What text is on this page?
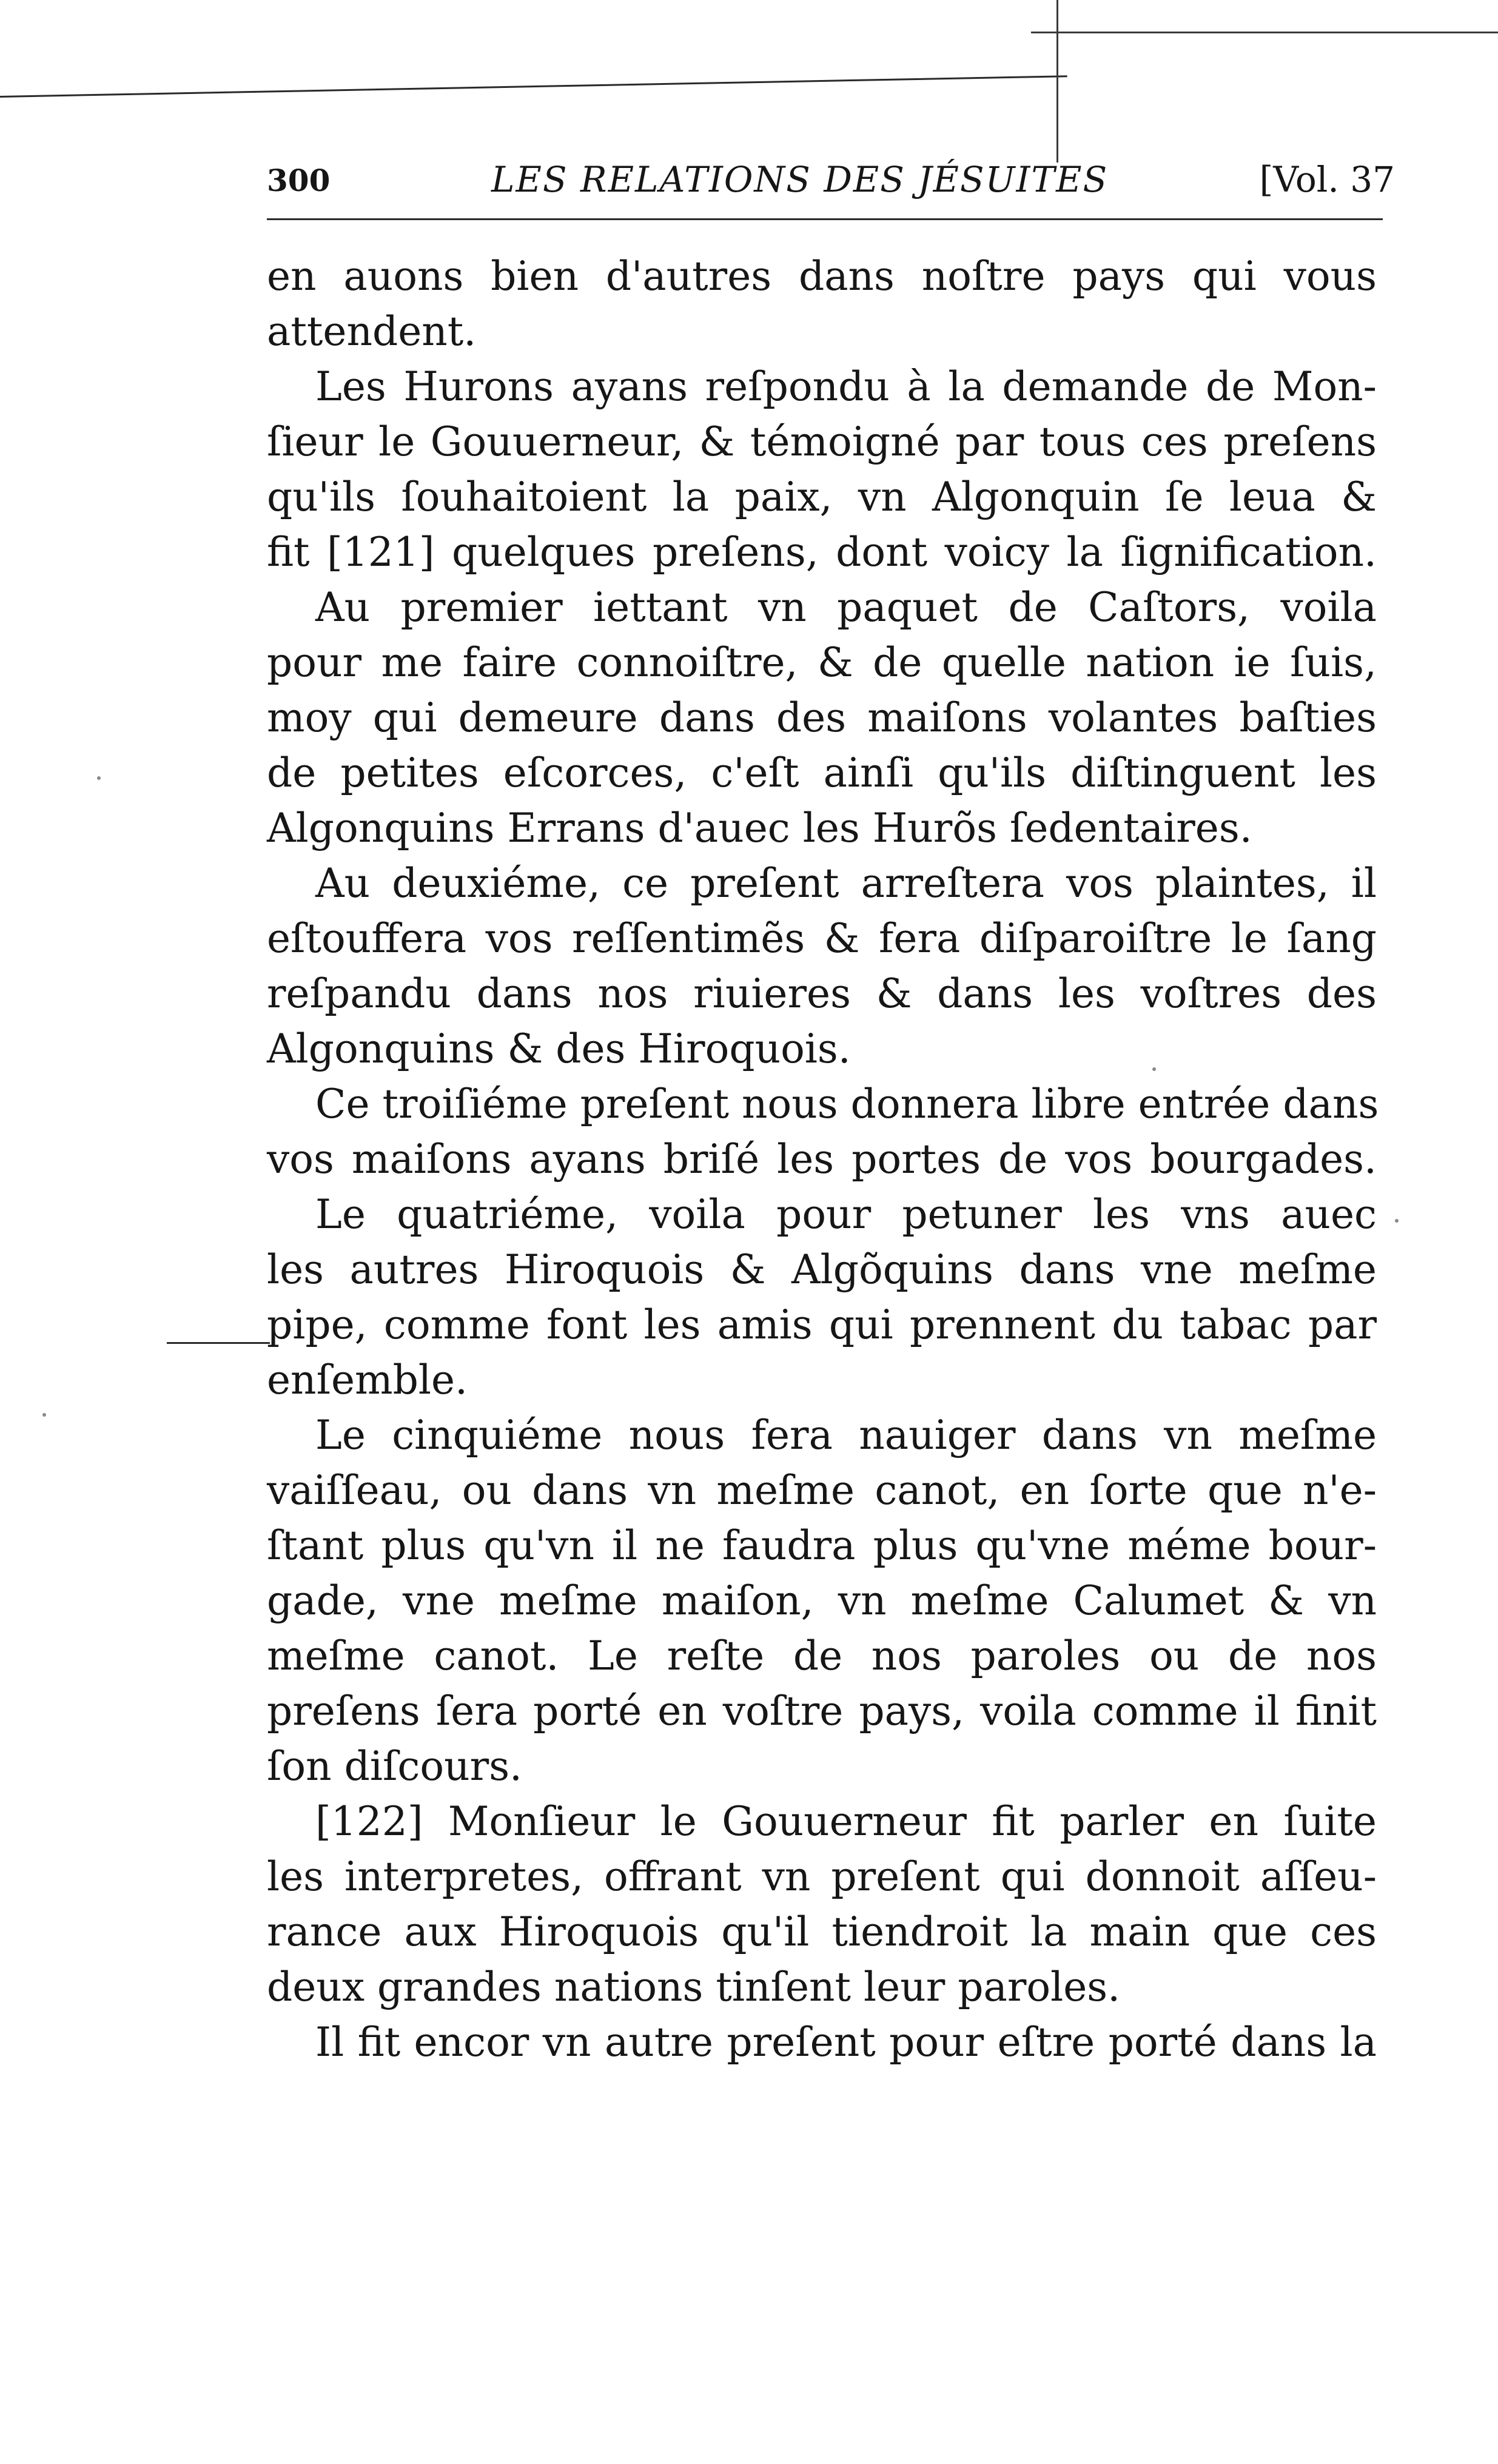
300	LES RELATIONS DES JÉSUITES	[Vol. 37
en auons bien d'autres dans noſtre pays qui vous
attendent.
Les Hurons ayans reſpondu à la demande de Mon-
ſieur le Gouuerneur, & témoigné par tous ces preſens
qu'ils ſouhaitoient la paix, vn Algonquin ſe leua &
fit [121] quelques preſens, dont voicy la ſignification.
Au premier iettant vn paquet de Caſtors, voila
pour me faire connoiſtre, & de quelle nation ie ſuis,
moy qui demeure dans des maiſons volantes baſties
de petites eſcorces, c'eſt ainſi qu'ils diſtinguent les
Algonquins Errans d'auec les Hurõs ſedentaires.
Au deuxiéme, ce preſent arreſtera vos plaintes, il
eſtouffera vos reſſentimẽs & fera diſparoiſtre le ſang
reſpandu dans nos riuieres & dans les voſtres des
Algonquins & des Hiroquois.
Ce troiſiéme preſent nous donnera libre entrée dans
vos maiſons ayans briſé les portes de vos bourgades.
Le quatriéme, voila pour petuner les vns auec
les autres Hiroquois & Algõquins dans vne meſme
pipe, comme font les amis qui prennent du tabac par
enſemble.
Le cinquiéme nous fera nauiger dans vn meſme
vaiſſeau, ou dans vn meſme canot, en ſorte que n'e-
ſtant plus qu'vn il ne faudra plus qu'vne méme bour-
gade, vne meſme maiſon, vn meſme Calumet & vn
meſme canot. Le reſte de nos paroles ou de nos
preſens ſera porté en voſtre pays, voila comme il finit
ſon diſcours.
[122] Monſieur le Gouuerneur fit parler en ſuite
les interpretes, offrant vn preſent qui donnoit aſſeu-
rance aux Hiroquois qu'il tiendroit la main que ces
deux grandes nations tinſent leur paroles.
Il fit encor vn autre preſent pour eſtre porté dans la
